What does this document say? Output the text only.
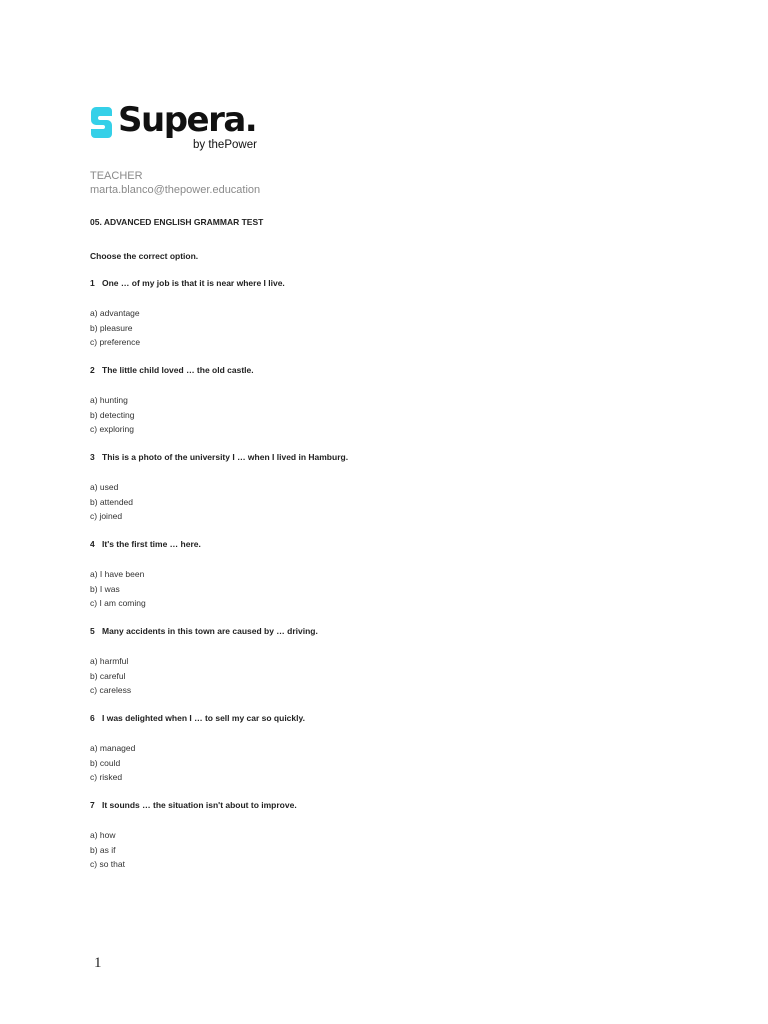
Supera.
by thePower
TEACHER
marta.blanco@thepower.education
05. ADVANCED ENGLISH GRAMMAR TEST
Choose the correct option.
1 One … of my job is that it is near where I live.
a) advantage
b) pleasure
c) preference
2 The little child loved … the old castle.
a) hunting
b) detecting
c) exploring
3 This is a photo of the university I … when I lived in Hamburg.
a) used
b) attended
c) joined
4 It's the first time … here.
a) I have been
b) I was
c) I am coming
5 Many accidents in this town are caused by … driving.
a) harmful
b) careful
c) careless
6 I was delighted when I … to sell my car so quickly.
a) managed
b) could
c) risked
7 It sounds … the situation isn't about to improve.
a) how
b) as if
c) so that
1
